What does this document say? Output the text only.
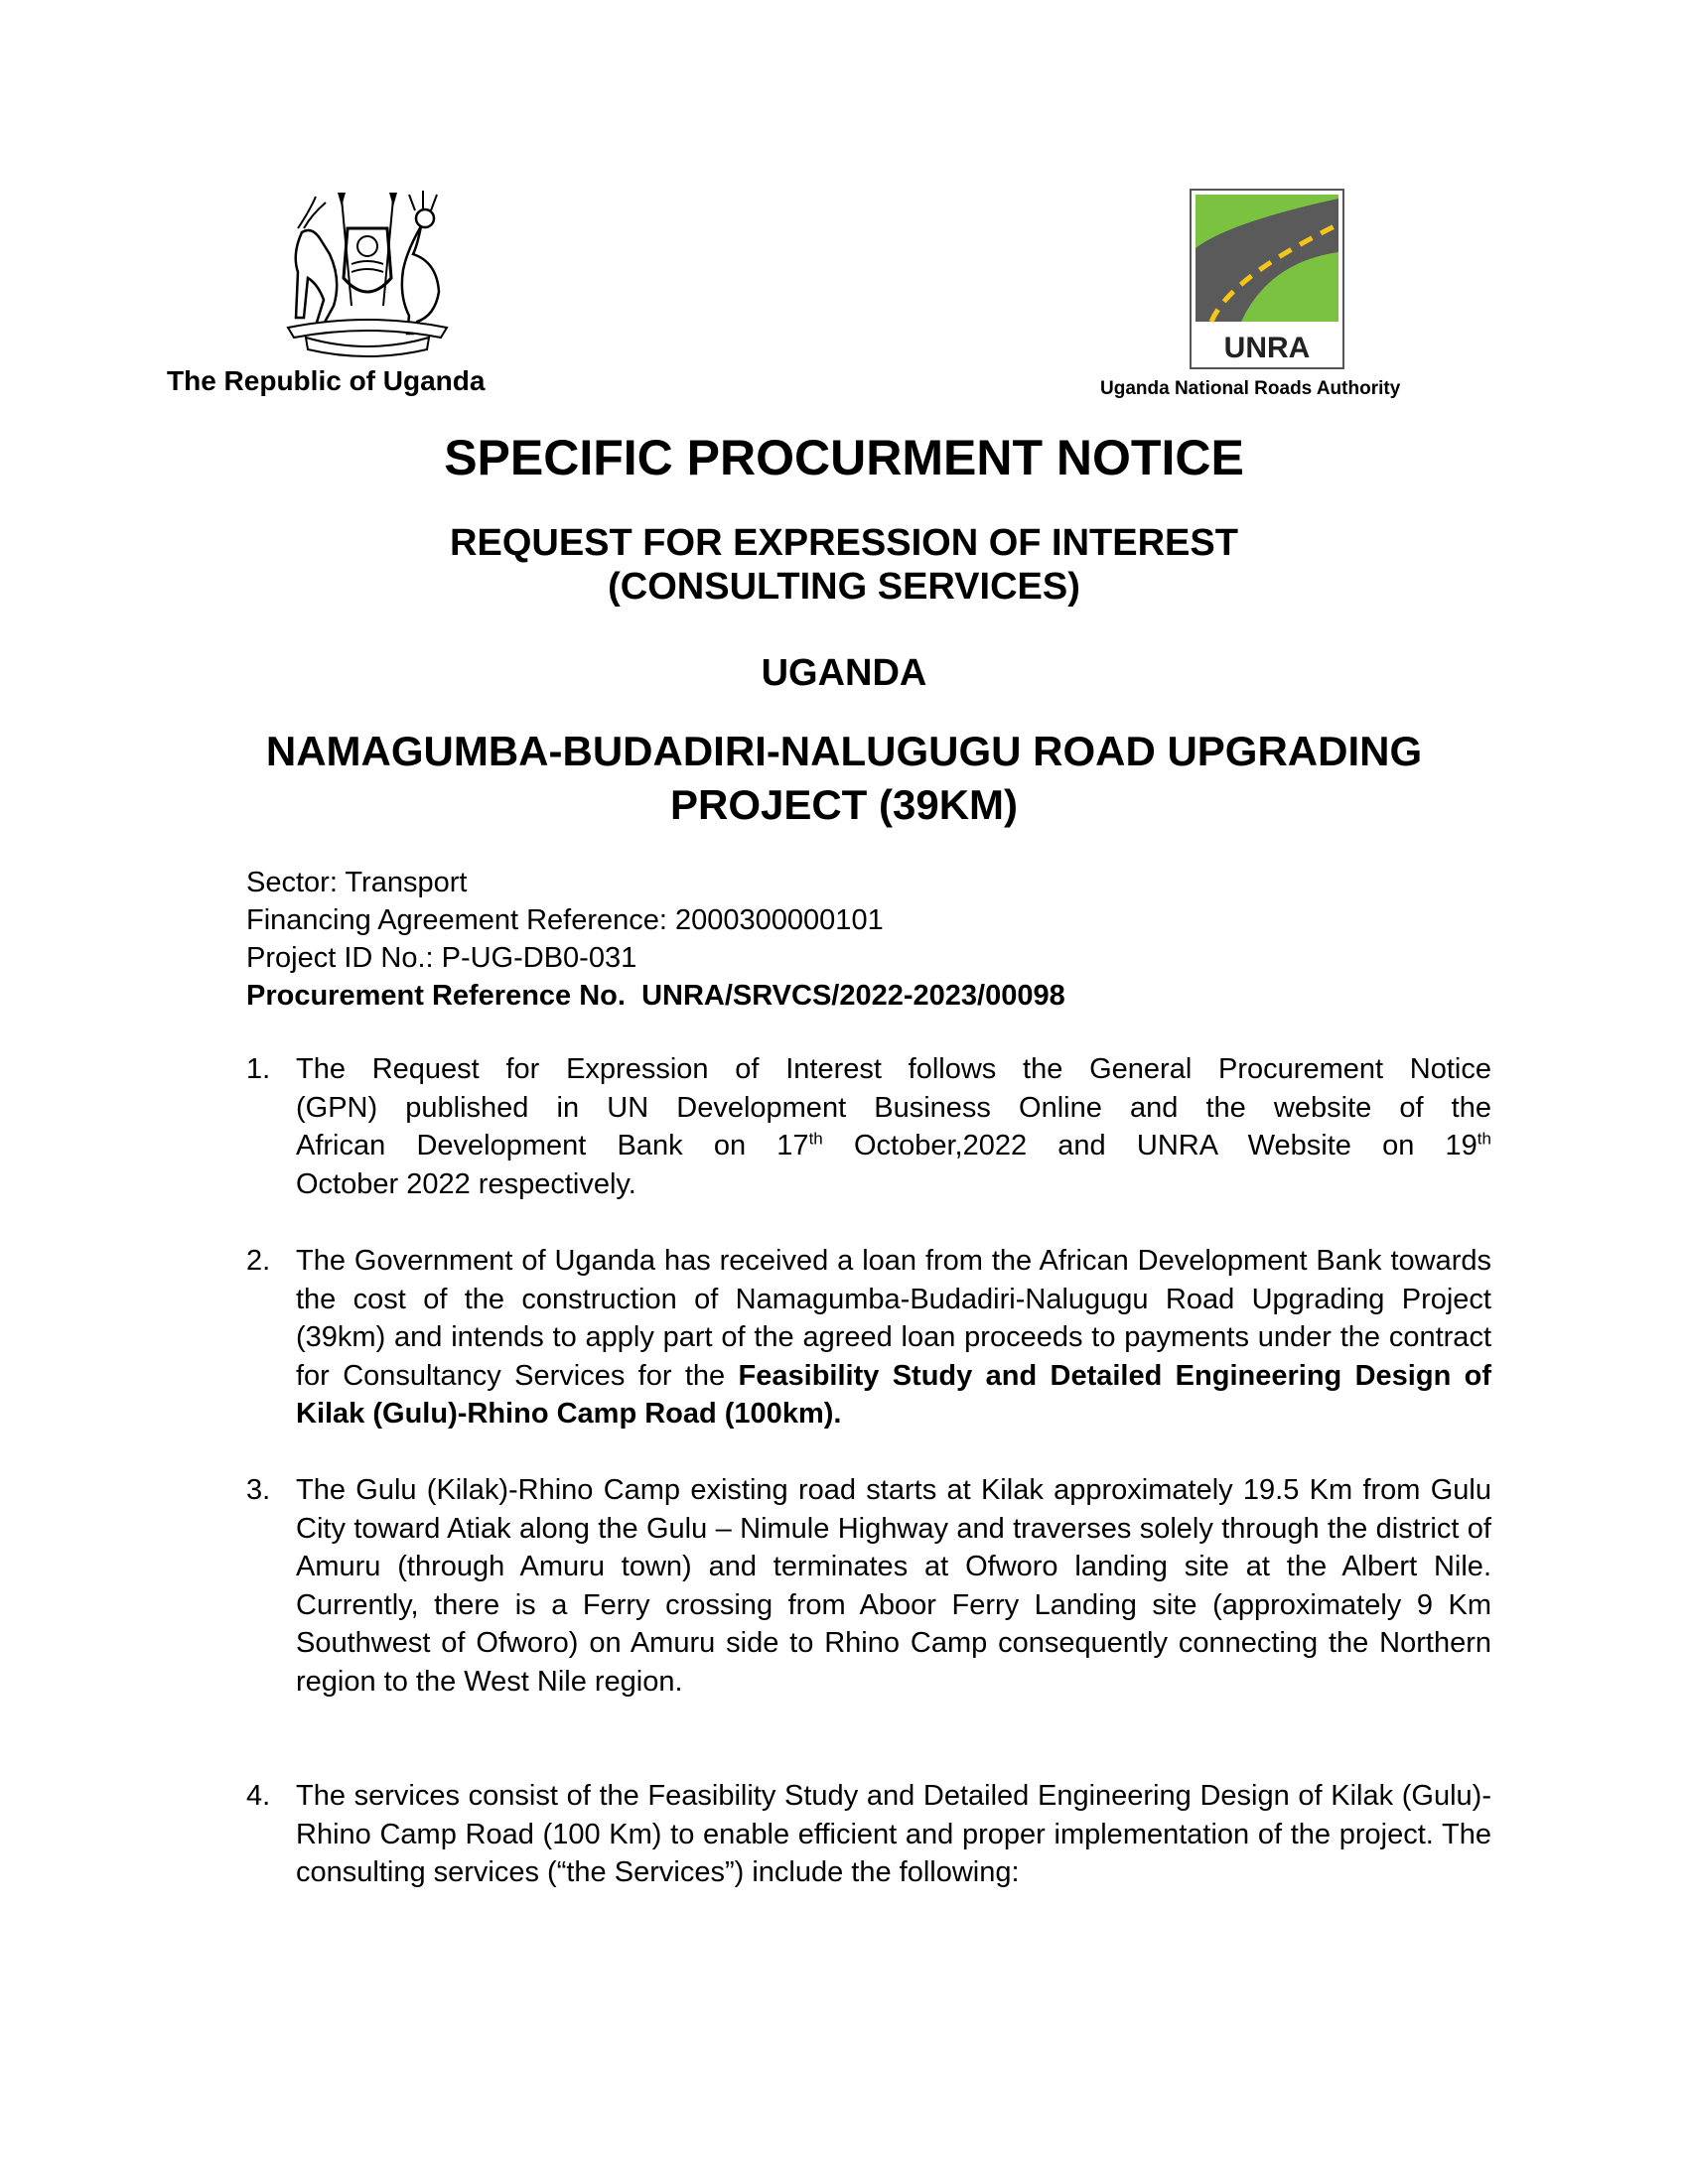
The Republic of Uganda
UNRA
Uganda National Roads Authority
SPECIFIC PROCURMENT NOTICE
REQUEST FOR EXPRESSION OF INTEREST
(CONSULTING SERVICES)
UGANDA
NAMAGUMBA-BUDADIRI-NALUGUGU ROAD UPGRADING
PROJECT (39KM)
Sector: Transport
Financing Agreement Reference: 2000300000101
Project ID No.: P-UG-DB0-031
Procurement Reference No.  UNRA/SRVCS/2022-2023/00098
1. The Request for Expression of Interest follows the General Procurement Notice
(GPN) published in UN Development Business Online and the website of the
African Development Bank on 17th October,2022 and UNRA Website on 19th
October 2022 respectively.
2. The Government of Uganda has received a loan from the African Development Bank towards the cost of the construction of Namagumba-Budadiri-Nalugugu Road Upgrading Project (39km) and intends to apply part of the agreed loan proceeds to payments under the contract for Consultancy Services for the Feasibility Study and Detailed Engineering Design of Kilak (Gulu)-Rhino Camp Road (100km).
3. The Gulu (Kilak)-Rhino Camp existing road starts at Kilak approximately 19.5 Km from Gulu City toward Atiak along the Gulu – Nimule Highway and traverses solely through the district of Amuru (through Amuru town) and terminates at Ofworo landing site at the Albert Nile. Currently, there is a Ferry crossing from Aboor Ferry Landing site (approximately 9 Km Southwest of Ofworo) on Amuru side to Rhino Camp consequently connecting the Northern region to the West Nile region.
4. The services consist of the Feasibility Study and Detailed Engineering Design of Kilak (Gulu)-Rhino Camp Road (100 Km) to enable efficient and proper implementation of the project. The consulting services (“the Services”) include the following:
